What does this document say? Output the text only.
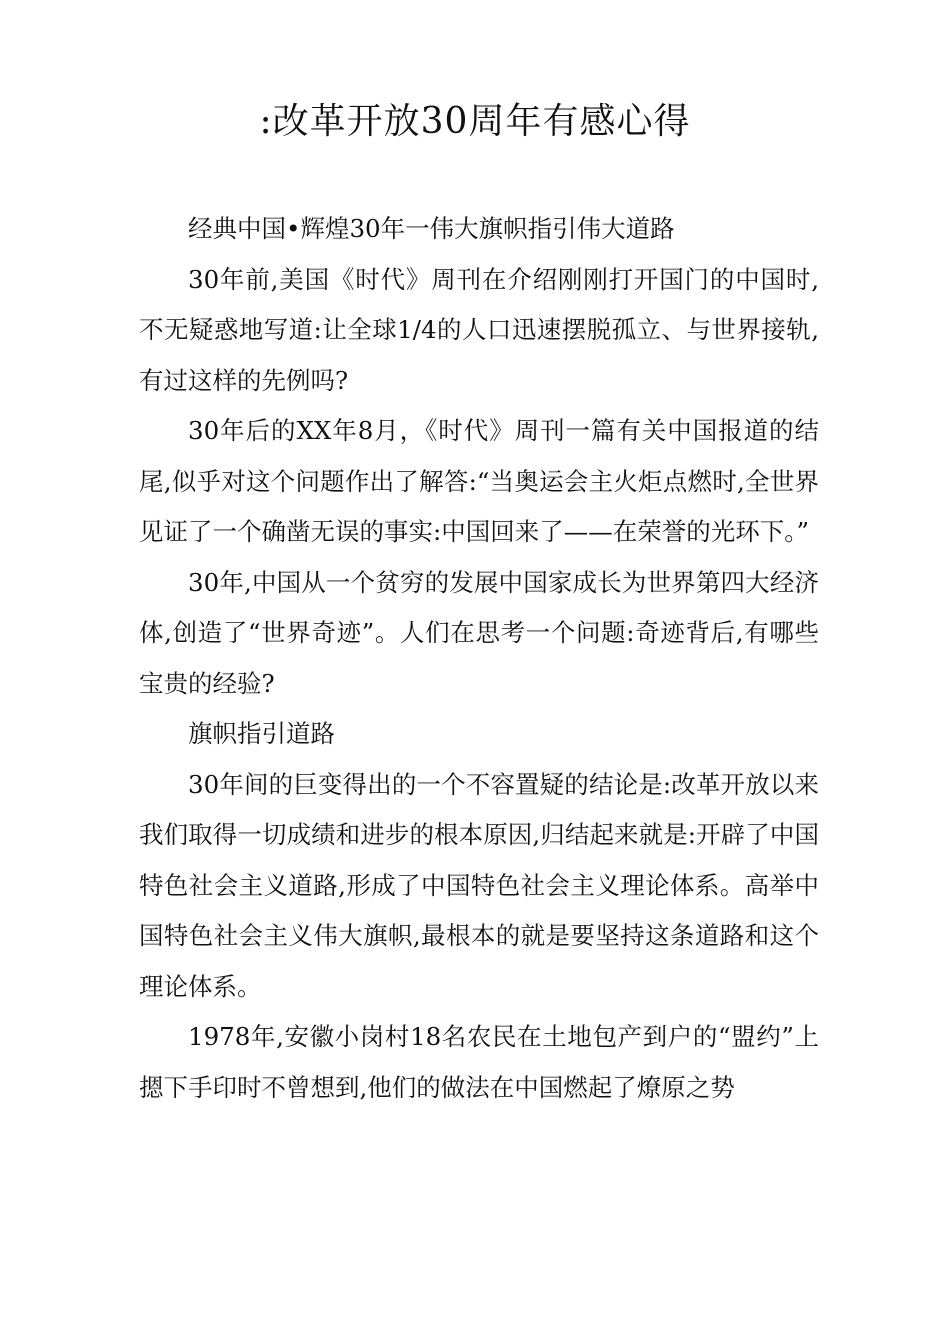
:改革开放30周年有感心得

经典中国•辉煌30年一伟大旗帜指引伟大道路

30年前,美国《时代》周刊在介绍刚刚打开国门的中国时,不无疑惑地写道:让全球1/4的人口迅速摆脱孤立、与世界接轨,有过这样的先例吗?

30年后的XX年8月，《时代》周刊一篇有关中国报道的结尾,似乎对这个问题作出了解答:“当奥运会主火炬点燃时,全世界见证了一个确凿无误的事实:中国回来了——在荣誉的光环下。”

30年,中国从一个贫穷的发展中国家成长为世界第四大经济体,创造了“世界奇迹”。人们在思考一个问题:奇迹背后,有哪些宝贵的经验?

旗帜指引道路

30年间的巨变得出的一个不容置疑的结论是:改革开放以来我们取得一切成绩和进步的根本原因,归结起来就是:开辟了中国特色社会主义道路,形成了中国特色社会主义理论体系。高举中国特色社会主义伟大旗帜,最根本的就是要坚持这条道路和这个理论体系。

1978年,安徽小岗村18名农民在土地包产到户的“盟约”上摁下手印时不曾想到,他们的做法在中国燃起了燎原之势
